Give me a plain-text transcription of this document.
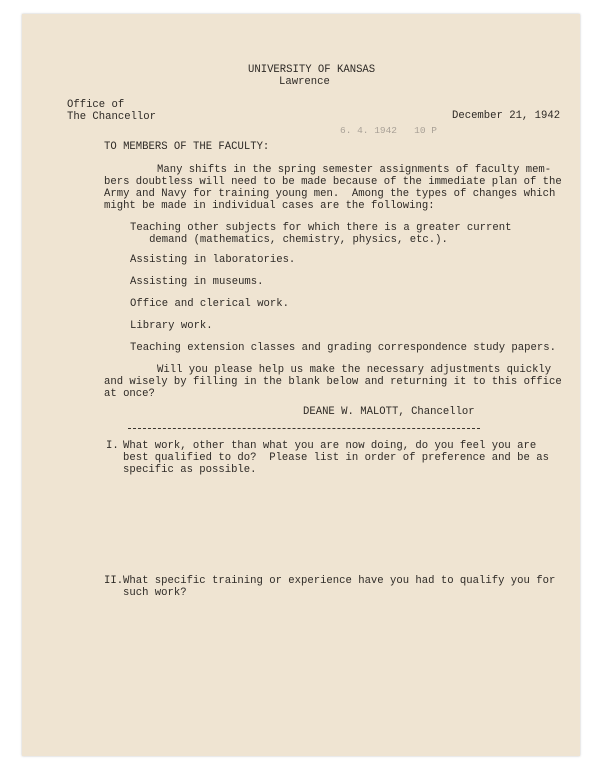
UNIVERSITY OF KANSAS
Lawrence
Office of
The Chancellor	December 21, 1942
6. 4. 1942   10 P
TO MEMBERS OF THE FACULTY:
Many shifts in the spring semester assignments of faculty mem-
bers doubtless will need to be made because of the immediate plan of the
Army and Navy for training young men.  Among the types of changes which
might be made in individual cases are the following:
Teaching other subjects for which there is a greater current
demand (mathematics, chemistry, physics, etc.).
Assisting in laboratories.
Assisting in museums.
Office and clerical work.
Library work.
Teaching extension classes and grading correspondence study papers.
Will you please help us make the necessary adjustments quickly
and wisely by filling in the blank below and returning it to this office
at once?
DEANE W. MALOTT, Chancellor
I. What work, other than what you are now doing, do you feel you are
best qualified to do?  Please list in order of preference and be as
specific as possible.
II. What specific training or experience have you had to qualify you for
such work?
